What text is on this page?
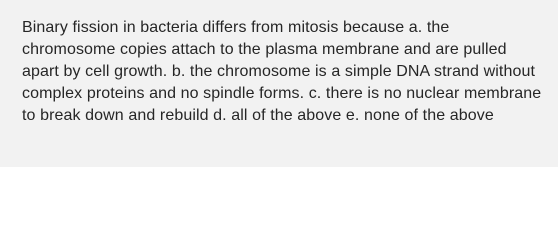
Binary fission in bacteria differs from mitosis because a. the chromosome copies attach to the plasma membrane and are pulled apart by cell growth. b. the chromosome is a simple DNA strand without complex proteins and no spindle forms. c. there is no nuclear membrane to break down and rebuild d. all of the above e. none of the above
